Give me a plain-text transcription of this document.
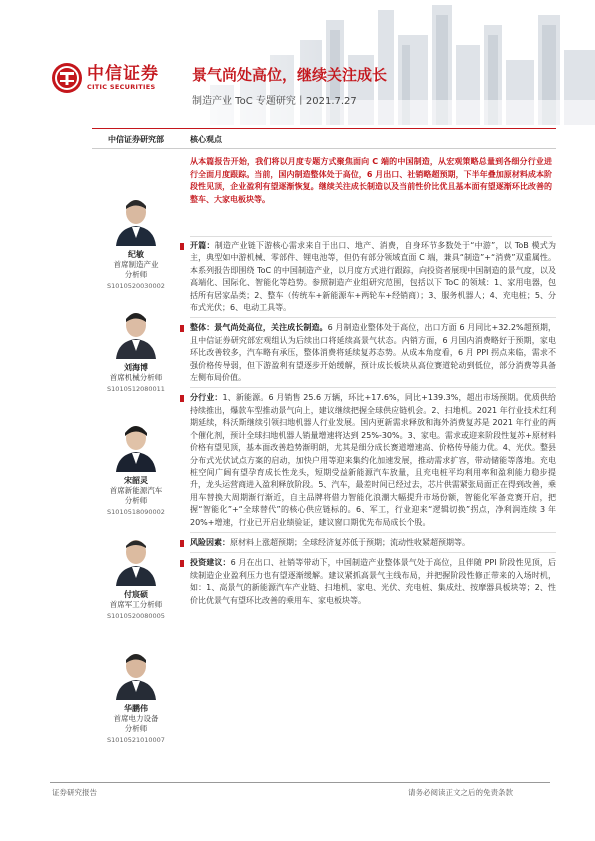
中信证券
CITIC SECURITIES
景气尚处高位，继续关注成长
制造产业 ToC 专题研究丨2021.7.27
中信证券研究部	核心观点
纪敏
首席制造产业
分析师
S1010520030002
刘海博
首席机械分析师
S1010512080011
宋韶灵
首席新能源汽车
分析师
S1010518090002
付宸硕
首席军工分析师
S1010520080005
华鹏伟
首席电力设备
分析师
S1010521010007
从本篇报告开始，我们将以月度专题方式聚焦面向 C 端的中国制造，从宏观策略总量到各细分行业进行全面月度跟踪。当前，国内制造整体处于高位，6 月出口、社销略超预期，下半年叠加原材料成本阶段性见顶，企业盈利有望逐渐恢复。继续关注成长制造以及当前性价比优且基本面有望逐渐环比改善的整车、大家电板块等。
开篇：制造产业链下游核心需求来自于出口、地产、消费，自身环节多数处于“中游”，以 ToB 模式为主，典型如中游机械、零部件、锂电池等，但仍有部分领域直面 C 端，兼具“制造”+“消费”双重属性。本系列报告即围绕 ToC 的中国制造产业，以月度方式进行跟踪，向投资者展现中国制造的景气度，以及高端化、国际化、智能化等趋势。参照制造产业组研究范围，包括以下 ToC 的领域：1、家用电器，包括所有居家品类；2、整车（传统车+新能源车+两轮车+经销商）；3、服务机器人；4、充电桩；5、分布式光伏；6、电动工具等。
整体：景气尚处高位，关注成长制造。6 月制造业整体处于高位，出口方面 6 月同比+32.2%超预期，且中信证券研究部宏观组认为后续出口将延续高景气状态。内销方面，6 月国内消费略好于预期，家电环比改善较多，汽车略有承压，整体消费将延续复苏态势。从成本角度看，6 月 PPI 拐点来临，需求不强价格传导弱，但下游盈利有望逐步开始缓解，预计成长板块从高位赛道轮动到低位，部分消费等具备左侧布局价值。
分行业：1、新能源。6 月销售 25.6 万辆，环比+17.6%，同比+139.3%，超出市场预期。优质供给持续推出，爆款车型推动景气向上，建议继续把握全球供应链机会。2、扫地机。2021 年行业技术红利期延续，科沃斯继续引领扫地机器人行业发展。国内更新需求释放和海外消费复苏是 2021 年行业的两个催化剂，预计全球扫地机器人销量增速将达到 25%-30%。3、家电。需求或迎来阶段性复苏+原材料价格有望见顶，基本面改善趋势渐明朗，尤其是细分成长赛道增速高、价格传导能力优。4、光伏。整县分布式光伏试点方案的启动，加快户用等迎来集约化加速发展，推动需求扩容，带动储能等落地。充电桩空间广阔有望孕育成长性龙头，短期受益新能源汽车放量，且充电桩平均利用率和盈利能力稳步提升，龙头运营商进入盈利释放阶段。5、汽车，最差时间已经过去，芯片供需紧张局面正在得到改善，乘用车替换大周期渐行渐近，自主品牌将借力智能化浪潮大幅提升市场份额，智能化军备竞赛开启，把握“智能化”+“全球替代”的核心供应链标的。6、军工，行业迎来“逻辑切换”拐点，净利润连续 3 年 20%+增速，行业已开启业绩验证，建议窗口期优先布局成长个股。
风险因素：原材料上涨超预期；全球经济复苏低于预期；流动性收紧超预期等。
投资建议：6 月在出口、社销等带动下，中国制造产业整体景气处于高位，且伴随 PPI 阶段性见顶，后续制造企业盈利压力也有望逐渐缓解。建议紧抓高景气主线布局，并把握阶段性修正带来的入场时机，如：1、高景气的新能源汽车产业链、扫地机、家电、光伏、充电桩、集成灶、按摩器具板块等；2、性价比优景气有望环比改善的乘用车、家电板块等。
证券研究报告	请务必阅读正文之后的免责条款
